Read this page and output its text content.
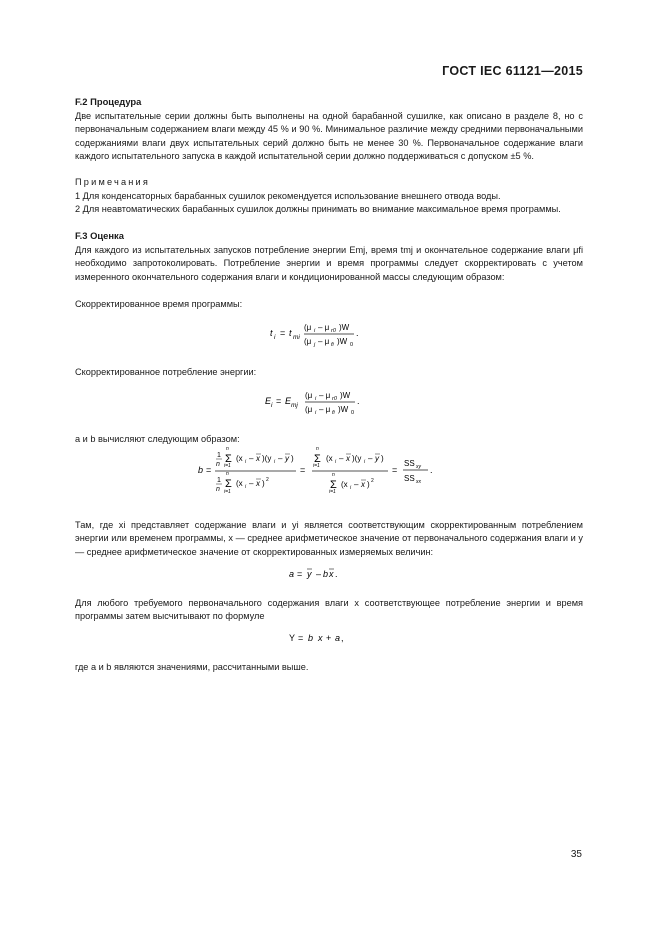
ГОСТ IEC 61121—2015
F.2 Процедура
Две испытательные серии должны быть выполнены на одной барабанной сушилке, как описано в разделе 8, но с первоначальным содержанием влаги между 45 % и 90 %. Минимальное различие между средними первоначальными содержаниями влаги двух испытательных серий должно быть не менее 30 %. Первоначальное содержание влаги каждого испытательного запуска в каждой испытательной серии должно поддерживаться с допуском ±5 %.
Примечания
1 Для конденсаторных барабанных сушилок рекомендуется использование внешнего отвода воды.
2 Для неавтоматических барабанных сушилок должны принимать во внимание максимальное время программы.
F.3 Оценка
Для каждого из испытательных запусков потребление энергии Emj, время tmj и окончательное содержание влаги μfi необходимо запротоколировать. Потребление энергии и время программы следует скорректировать с учетом измеренного окончательного содержания влаги и кондиционированной массы следующим образом:
Скорректированное время программы:
t i = t mi
(μ i – μ r0 )W
(μ j – μ fi )W 0
.
Скорректированное потребление энергии:
E i = E mj
(μ i – μ r0 )W
(μ i – μ fi )W 0
.
a и b вычисляют следующим образом:
b =
1
n
n
Σ
i=1
(x i – x )(y i – y )
1
n
n
Σ
i=1
(x i – x ) 2
=
n
Σ
i=1
(x i – x )(y i – y )
n
Σ
i=1
(x i – x ) 2
=
SS xy
SS xx
.
Там, где xi представляет содержание влаги и yi является соответствующим скорректированным потреблением энергии или временем программы, x — среднее арифметическое значение от первоначального содержания влаги и y — среднее арифметическое значение от скорректированных измеряемых величин:
a = y – b x .
Для любого требуемого первоначального содержания влаги x соответствующее потребление энергии и время программы затем высчитывают по формуле
Y = b x + a ,
где a и b являются значениями, рассчитанными выше.
35
